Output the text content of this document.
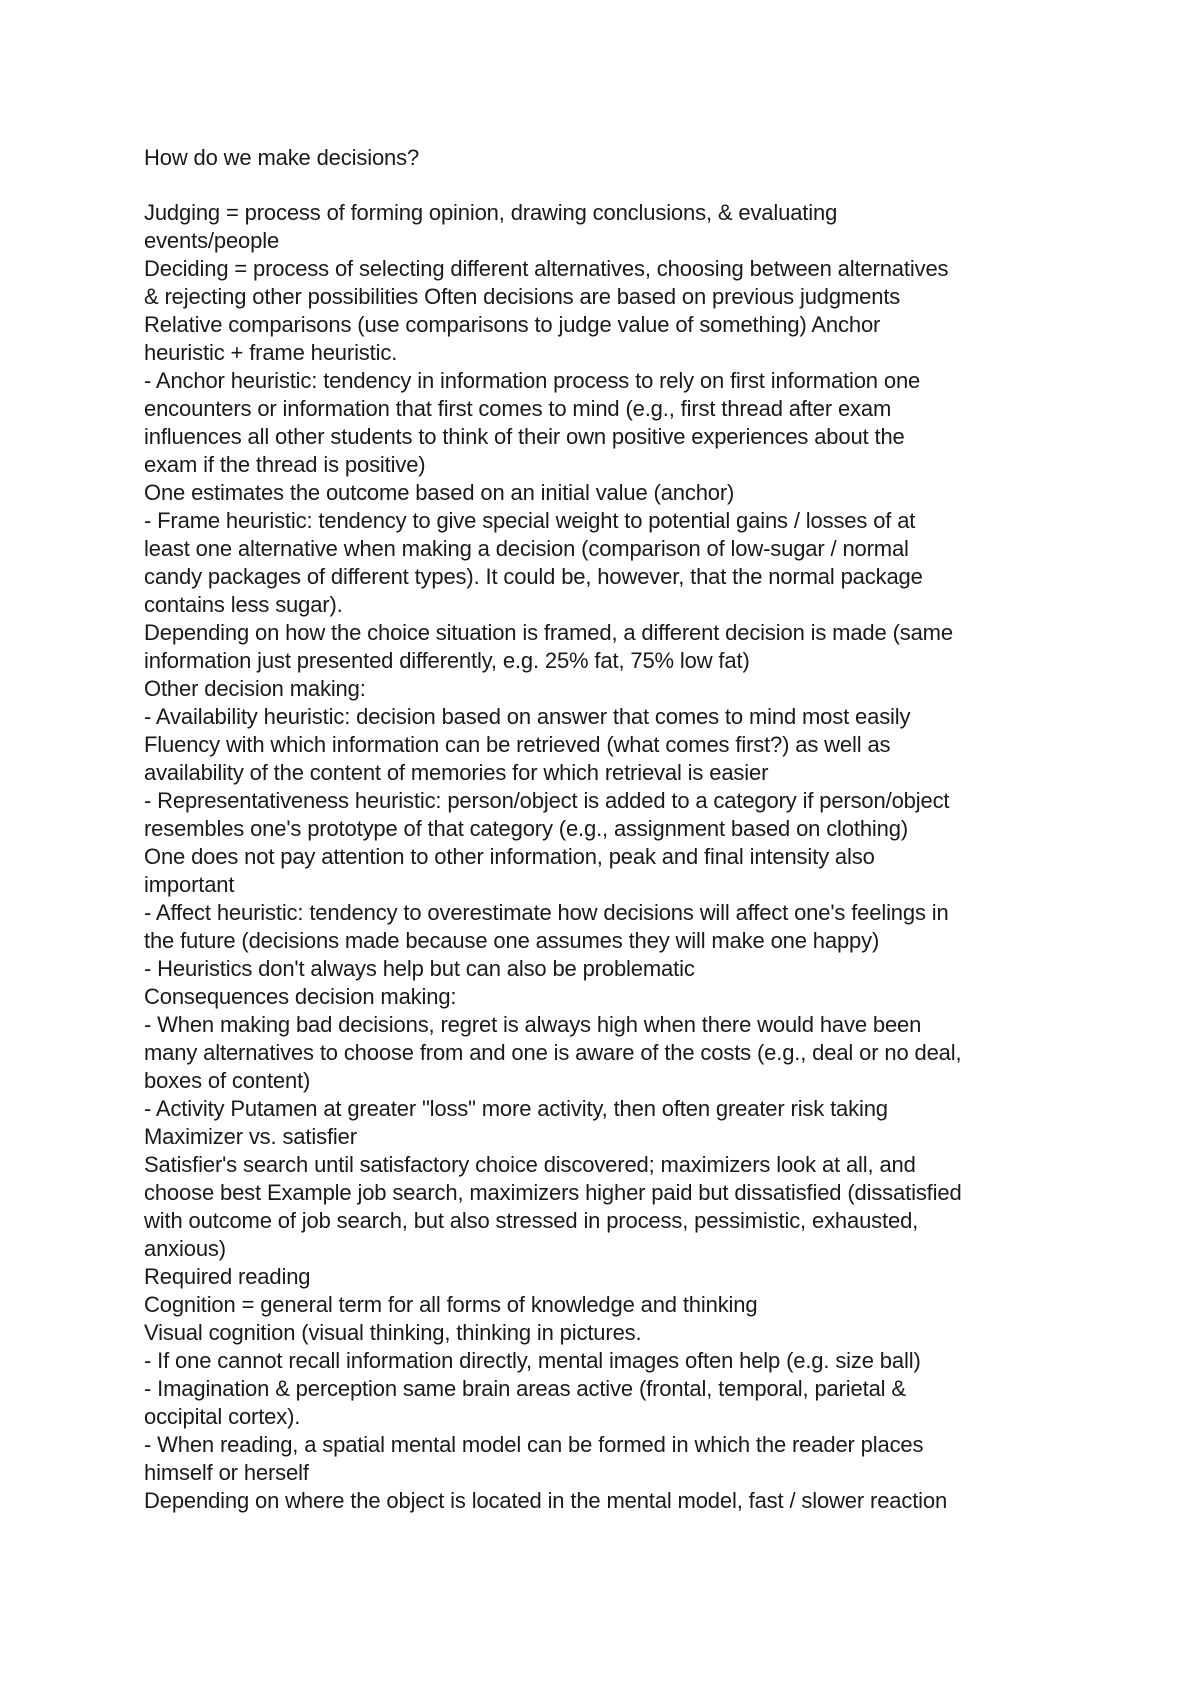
How do we make decisions?

Judging = process of forming opinion, drawing conclusions, & evaluating

events/people

Deciding = process of selecting different alternatives, choosing between alternatives

& rejecting other possibilities Often decisions are based on previous judgments

Relative comparisons (use comparisons to judge value of something) Anchor

heuristic + frame heuristic.

- Anchor heuristic: tendency in information process to rely on first information one

encounters or information that first comes to mind (e.g., first thread after exam

influences all other students to think of their own positive experiences about the

exam if the thread is positive)

One estimates the outcome based on an initial value (anchor)

- Frame heuristic: tendency to give special weight to potential gains / losses of at

least one alternative when making a decision (comparison of low-sugar / normal

candy packages of different types). It could be, however, that the normal package

contains less sugar).

Depending on how the choice situation is framed, a different decision is made (same

information just presented differently, e.g. 25% fat, 75% low fat)

Other decision making:

- Availability heuristic: decision based on answer that comes to mind most easily

Fluency with which information can be retrieved (what comes first?) as well as

availability of the content of memories for which retrieval is easier

- Representativeness heuristic: person/object is added to a category if person/object

resembles one's prototype of that category (e.g., assignment based on clothing)

One does not pay attention to other information, peak and final intensity also

important

- Affect heuristic: tendency to overestimate how decisions will affect one's feelings in

the future (decisions made because one assumes they will make one happy)

- Heuristics don't always help but can also be problematic

Consequences decision making:

- When making bad decisions, regret is always high when there would have been

many alternatives to choose from and one is aware of the costs (e.g., deal or no deal,

boxes of content)

- Activity Putamen at greater "loss" more activity, then often greater risk taking

Maximizer vs. satisfier

Satisfier's search until satisfactory choice discovered; maximizers look at all, and

choose best Example job search, maximizers higher paid but dissatisfied (dissatisfied

with outcome of job search, but also stressed in process, pessimistic, exhausted,

anxious)

Required reading

Cognition = general term for all forms of knowledge and thinking

Visual cognition (visual thinking, thinking in pictures.

- If one cannot recall information directly, mental images often help (e.g. size ball)

- Imagination & perception same brain areas active (frontal, temporal, parietal &

occipital cortex).

- When reading, a spatial mental model can be formed in which the reader places

himself or herself

Depending on where the object is located in the mental model, fast / slower reaction
